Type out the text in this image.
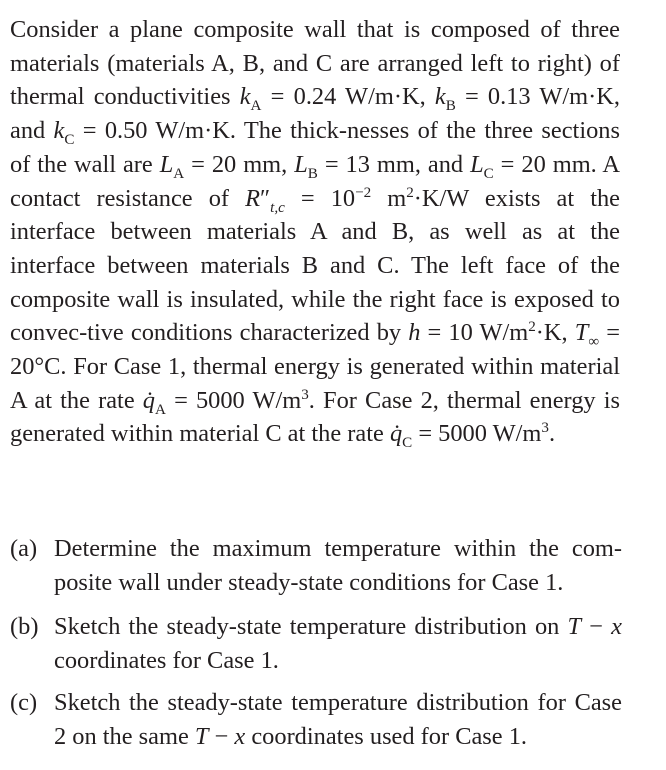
Consider a plane composite wall that is composed of three materials (materials A, B, and C are arranged left to right) of thermal conductivities $k_A = 0.24$ W/m·K, $k_B = 0.13$ W/m·K, and $k_C = 0.50$ W/m·K. The thick-nesses of the three sections of the wall are $L_A = 20$ mm, $L_B = 13$ mm, and $L_C = 20$ mm. A contact resistance of $R''_{t,c} = 10^{-2}$ $m^2\cdot K/W$ exists at the interface between materials A and B, as well as at the interface between materials B and C. The left face of the composite wall is insulated, while the right face is exposed to convec-tive conditions characterized by h = 10 $W/m^2\cdot K$, $T_\infty = 20^\circ C$. For Case 1, thermal energy is generated within material A at the rate $q̇_A = 5000$ $W/m^3$. For Case 2, thermal energy is generated within material C at the rate $q̇_C = 5000$ $W/m^3$.
(a) Determine the maximum temperature within the com-posite wall under steady-state conditions for Case 1.
(b) Sketch the steady-state temperature distribution on T − x coordinates for Case 1.
(c) Sketch the steady-state temperature distribution for Case 2 on the same T − x coordinates used for Case 1.
